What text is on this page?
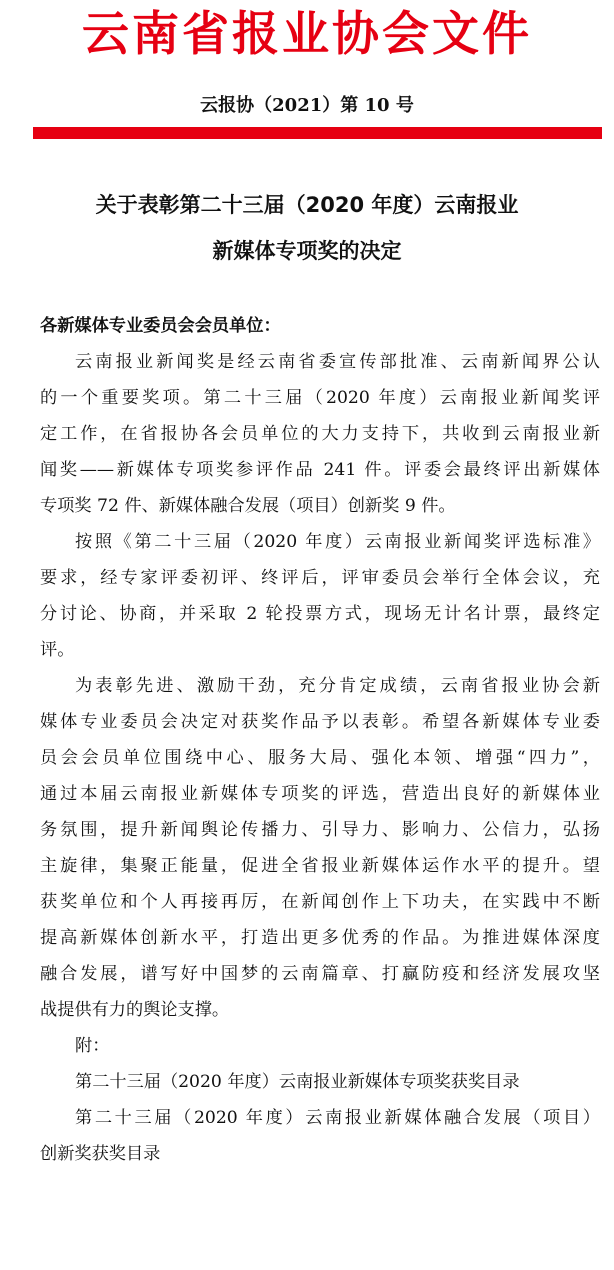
云南省报业协会文件
云报协（2021）第 10 号
关于表彰第二十三届（2020 年度）云南报业
新媒体专项奖的决定
各新媒体专业委员会会员单位：
云南报业新闻奖是经云南省委宣传部批准、云南新闻界公认
的一个重要奖项。第二十三届（2020 年度）云南报业新闻奖评
定工作，在省报协各会员单位的大力支持下，共收到云南报业新
闻奖——新媒体专项奖参评作品 241 件。评委会最终评出新媒体
专项奖 72 件、新媒体融合发展（项目）创新奖 9 件。
按照《第二十三届（2020 年度）云南报业新闻奖评选标准》
要求，经专家评委初评、终评后，评审委员会举行全体会议，充
分讨论、协商，并采取 2 轮投票方式，现场无计名计票，最终定
评。
为表彰先进、激励干劲，充分肯定成绩，云南省报业协会新
媒体专业委员会决定对获奖作品予以表彰。希望各新媒体专业委
员会会员单位围绕中心、服务大局、强化本领、增强“四力”，
通过本届云南报业新媒体专项奖的评选，营造出良好的新媒体业
务氛围，提升新闻舆论传播力、引导力、影响力、公信力，弘扬
主旋律，集聚正能量，促进全省报业新媒体运作水平的提升。望
获奖单位和个人再接再厉，在新闻创作上下功夫，在实践中不断
提高新媒体创新水平，打造出更多优秀的作品。为推进媒体深度
融合发展，谱写好中国梦的云南篇章、打赢防疫和经济发展攻坚
战提供有力的舆论支撑。
附：
第二十三届（2020 年度）云南报业新媒体专项奖获奖目录
第二十三届（2020 年度）云南报业新媒体融合发展（项目）
创新奖获奖目录
